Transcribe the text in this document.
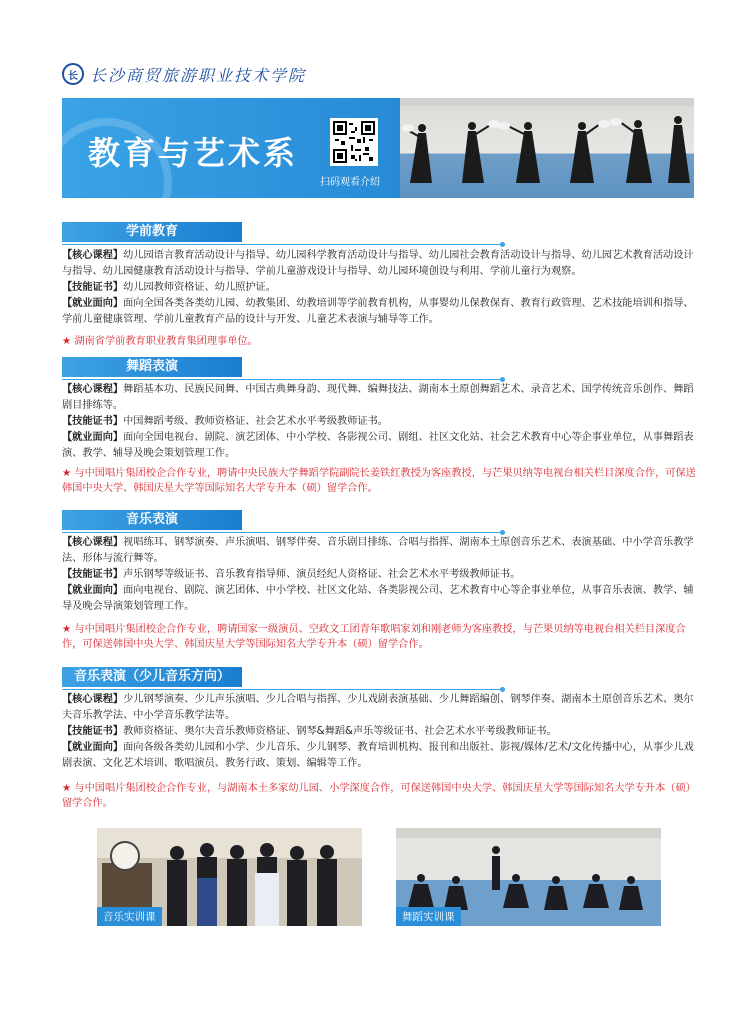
长 长沙商贸旅游职业技术学院
教育与艺术系
扫码观看介绍
学前教育

【核心课程】幼儿园语言教育活动设计与指导、幼儿园科学教育活动设计与指导、幼儿园社会教育活动设计与指导、幼儿园艺术教育活动设计与指导、幼儿园健康教育活动设计与指导、学前儿童游戏设计与指导、幼儿园环境创设与利用、学前儿童行为观察。

【技能证书】幼儿园教师资格证、幼儿照护证。

【就业面向】面向全国各类各类幼儿园、幼教集团、幼教培训等学前教育机构，从事婴幼儿保教保育、教育行政管理、艺术技能培训和指导、学前儿童健康管理、学前儿童教育产品的设计与开发、儿童艺术表演与辅导等工作。

★ 湖南省学前教育职业教育集团理事单位。
舞蹈表演

【核心课程】舞蹈基本功、民族民间舞、中国古典舞身韵、现代舞、编舞技法、湖南本土原创舞蹈艺术、录音艺术、国学传统音乐创作、舞蹈剧目排练等。

【技能证书】中国舞蹈考级、教师资格证、社会艺术水平考级教师证书。

【就业面向】面向全国电视台、剧院、演艺团体、中小学校、各影视公司、剧组、社区文化站、社会艺术教育中心等企事业单位，从事舞蹈表演、教学、辅导及晚会策划管理工作。

★ 与中国唱片集团校企合作专业，聘请中央民族大学舞蹈学院副院长姜铁红教授为客座教授，与芒果贝纳等电视台相关栏目深度合作，可保送韩国中央大学、韩国庆星大学等国际知名大学专升本（硕）留学合作。
音乐表演

【核心课程】视唱练耳、钢琴演奏、声乐演唱、钢琴伴奏、音乐剧目排练、合唱与指挥、湖南本土原创音乐艺术、表演基础、中小学音乐教学法、形体与流行舞等。

【技能证书】声乐钢琴等级证书、音乐教育指导师、演员经纪人资格证、社会艺术水平考级教师证书。

【就业面向】面向电视台、剧院、演艺团体、中小学校、社区文化站、各类影视公司、艺术教育中心等企事业单位，从事音乐表演、教学、辅导及晚会导演策划管理工作。

★ 与中国唱片集团校企合作专业，聘请国家一级演员、空政文工团青年歌唱家刘和刚老师为客座教授，与芒果贝纳等电视台相关栏目深度合作，可保送韩国中央大学、韩国庆星大学等国际知名大学专升本（硕）留学合作。
音乐表演（少儿音乐方向）

【核心课程】少儿钢琴演奏、少儿声乐演唱、少儿合唱与指挥、少儿戏剧表演基础、少儿舞蹈编创、钢琴伴奏、湖南本土原创音乐艺术、奥尔夫音乐教学法、中小学音乐教学法等。

【技能证书】教师资格证、奥尔夫音乐教师资格证、钢琴&舞蹈&声乐等级证书、社会艺术水平考级教师证书。

【就业面向】面向各级各类幼儿园和小学、少儿音乐、少儿钢琴、教育培训机构、报刊和出版社、影视/媒体/艺术/文化传播中心，从事少儿戏剧表演、文化艺术培训、歌唱演员、教务行政、策划、编辑等工作。

★ 与中国唱片集团校企合作专业，与湖南本土多家幼儿园、小学深度合作，可保送韩国中央大学、韩国庆星大学等国际知名大学专升本（硕）留学合作。
音乐实训课	舞蹈实训课
